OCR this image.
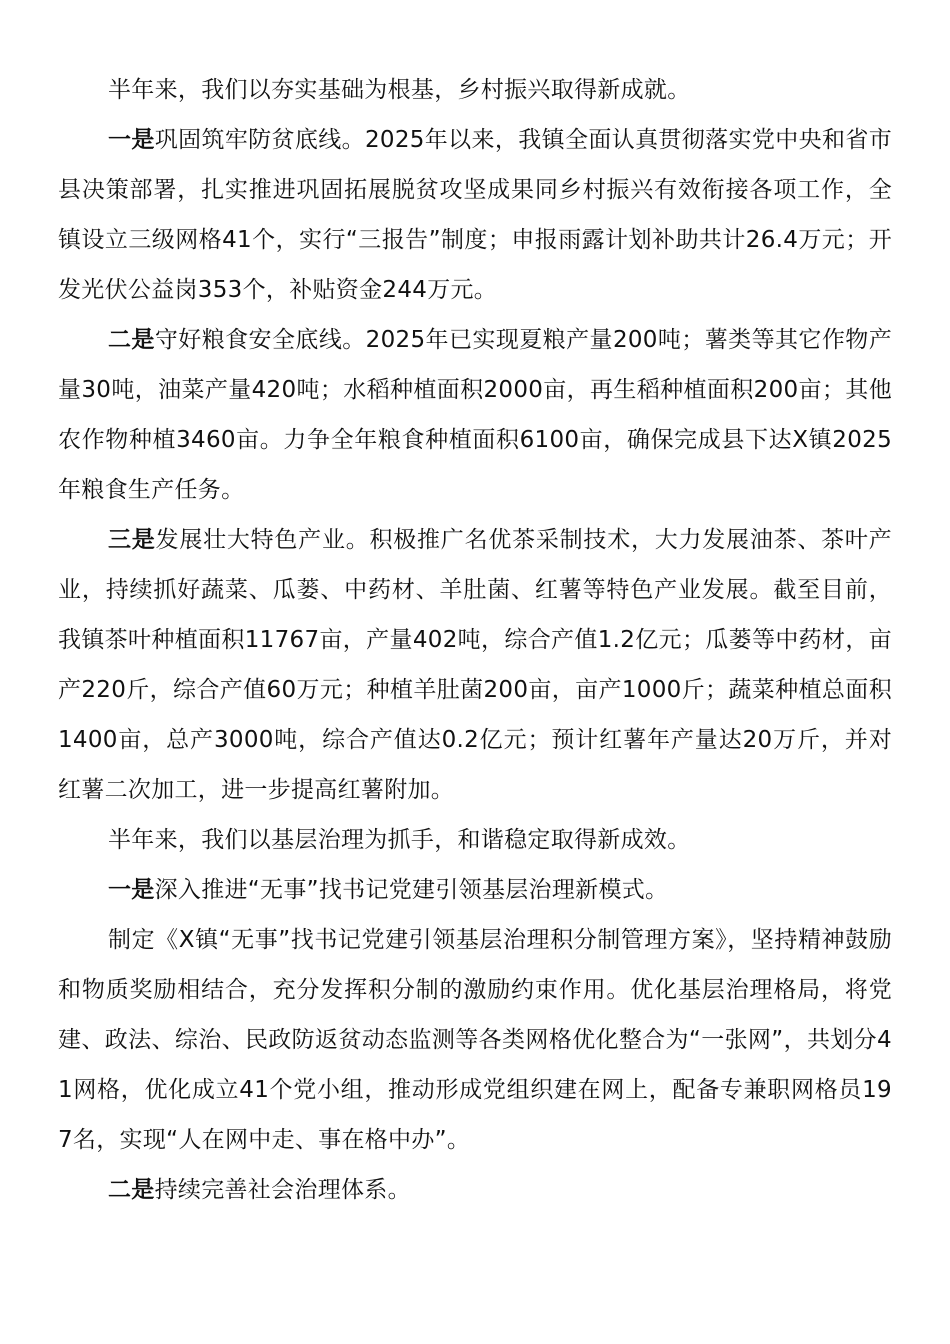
半年来，我们以夯实基础为根基，乡村振兴取得新成就。

一是巩固筑牢防贫底线。2025年以来，我镇全面认真贯彻落实党中央和省市县决策部署，扎实推进巩固拓展脱贫攻坚成果同乡村振兴有效衔接各项工作，全镇设立三级网格41个，实行“三报告”制度；申报雨露计划补助共计26.4万元；开发光伏公益岗353个，补贴资金244万元。

二是守好粮食安全底线。2025年已实现夏粮产量200吨；薯类等其它作物产量30吨，油菜产量420吨；水稻种植面积2000亩，再生稻种植面积200亩；其他农作物种植3460亩。力争全年粮食种植面积6100亩，确保完成县下达X镇2025年粮食生产任务。

三是发展壮大特色产业。积极推广名优茶采制技术，大力发展油茶、茶叶产业，持续抓好蔬菜、瓜蒌、中药材、羊肚菌、红薯等特色产业发展。截至目前，我镇茶叶种植面积11767亩，产量402吨，综合产值1.2亿元；瓜蒌等中药材，亩产220斤，综合产值60万元；种植羊肚菌200亩，亩产1000斤；蔬菜种植总面积1400亩，总产3000吨，综合产值达0.2亿元；预计红薯年产量达20万斤，并对红薯二次加工，进一步提高红薯附加。

半年来，我们以基层治理为抓手，和谐稳定取得新成效。

一是深入推进“无事”找书记党建引领基层治理新模式。

制定《X镇“无事”找书记党建引领基层治理积分制管理方案》，坚持精神鼓励和物质奖励相结合，充分发挥积分制的激励约束作用。优化基层治理格局，将党建、政法、综治、民政防返贫动态监测等各类网格优化整合为“一张网”，共划分41网格，优化成立41个党小组，推动形成党组织建在网上，配备专兼职网格员197名，实现“人在网中走、事在格中办”。

二是持续完善社会治理体系。
